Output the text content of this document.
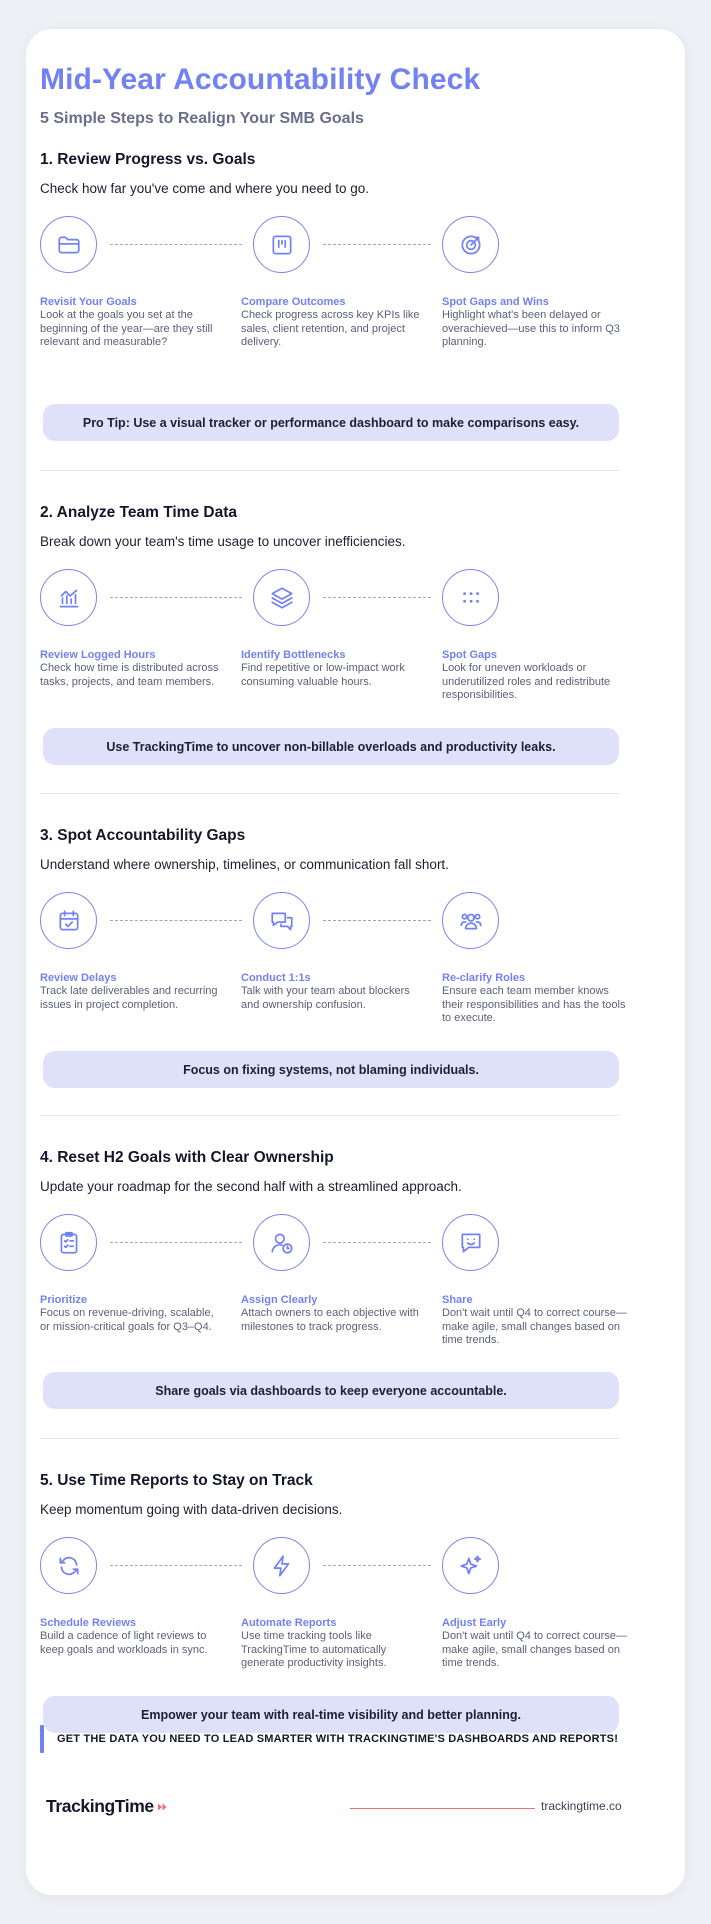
Mid-Year Accountability Check
5 Simple Steps to Realign Your SMB Goals
1. Review Progress vs. Goals
Check how far you've come and where you need to go.
Revisit Your Goals
Look at the goals you set at the beginning of the year—are they still relevant and measurable?
Compare Outcomes
Check progress across key KPIs like sales, client retention, and project delivery.
Spot Gaps and Wins
Highlight what's been delayed or overachieved—use this to inform Q3 planning.
Pro Tip: Use a visual tracker or performance dashboard to make comparisons easy.
2. Analyze Team Time Data
Break down your team's time usage to uncover inefficiencies.
Review Logged Hours
Check how time is distributed across tasks, projects, and team members.
Identify Bottlenecks
Find repetitive or low-impact work consuming valuable hours.
Spot Gaps
Look for uneven workloads or underutilized roles and redistribute responsibilities.
Use TrackingTime to uncover non-billable overloads and productivity leaks.
3. Spot Accountability Gaps
Understand where ownership, timelines, or communication fall short.
Review Delays
Track late deliverables and recurring issues in project completion.
Conduct 1:1s
Talk with your team about blockers and ownership confusion.
Re-clarify Roles
Ensure each team member knows their responsibilities and has the tools to execute.
Focus on fixing systems, not blaming individuals.
4. Reset H2 Goals with Clear Ownership
Update your roadmap for the second half with a streamlined approach.
Prioritize
Focus on revenue-driving, scalable, or mission-critical goals for Q3–Q4.
Assign Clearly
Attach owners to each objective with milestones to track progress.
Share
Don't wait until Q4 to correct course—make agile, small changes based on time trends.
Share goals via dashboards to keep everyone accountable.
5. Use Time Reports to Stay on Track
Keep momentum going with data-driven decisions.
Schedule Reviews
Build a cadence of light reviews to keep goals and workloads in sync.
Automate Reports
Use time tracking tools like TrackingTime to automatically generate productivity insights.
Adjust Early
Don't wait until Q4 to correct course—make agile, small changes based on time trends.
Empower your team with real-time visibility and better planning.
GET THE DATA YOU NEED TO LEAD SMARTER WITH TRACKINGTIME'S DASHBOARDS AND REPORTS!
TrackingTime	trackingtime.co
